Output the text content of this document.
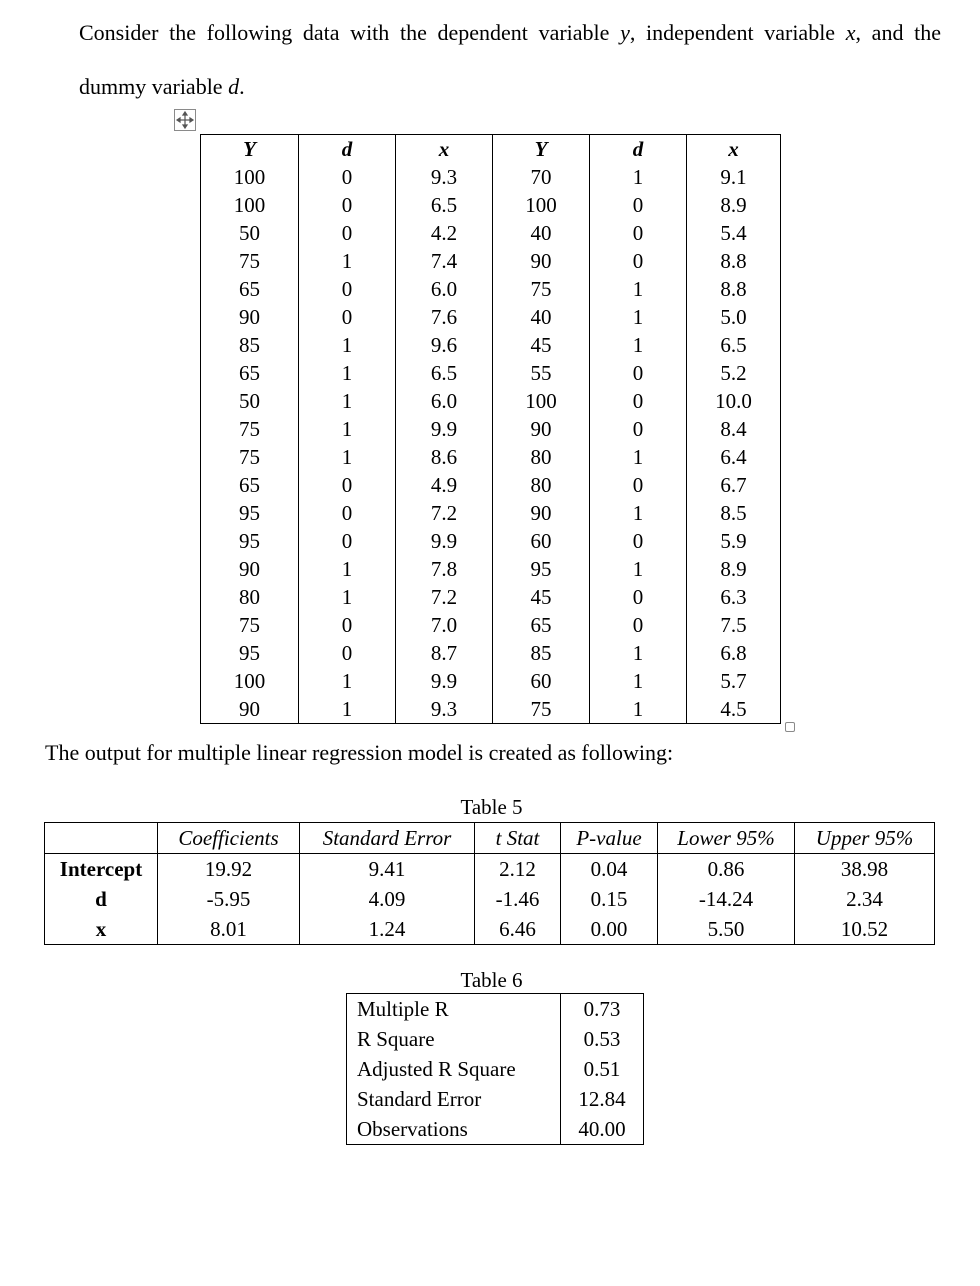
Consider the following data with the dependent variable y, independent variable x, and the dummy variable d.

Y	d	x	Y	d	x
100	0	9.3	70	1	9.1
100	0	6.5	100	0	8.9
50	0	4.2	40	0	5.4
75	1	7.4	90	0	8.8
65	0	6.0	75	1	8.8
90	0	7.6	40	1	5.0
85	1	9.6	45	1	6.5
65	1	6.5	55	0	5.2
50	1	6.0	100	0	10.0
75	1	9.9	90	0	8.4
75	1	8.6	80	1	6.4
65	0	4.9	80	0	6.7
95	0	7.2	90	1	8.5
95	0	9.9	60	0	5.9
90	1	7.8	95	1	8.9
80	1	7.2	45	0	6.3
75	0	7.0	65	0	7.5
95	0	8.7	85	1	6.8
100	1	9.9	60	1	5.7
90	1	9.3	75	1	4.5

The output for multiple linear regression model is created as following:

Table 5
	Coefficients	Standard Error	t Stat	P-value	Lower 95%	Upper 95%
Intercept	19.92	9.41	2.12	0.04	0.86	38.98
d	-5.95	4.09	-1.46	0.15	-14.24	2.34
x	8.01	1.24	6.46	0.00	5.50	10.52
Table 6
Multiple R	0.73
R Square	0.53
Adjusted R Square	0.51
Standard Error	12.84
Observations	40.00
